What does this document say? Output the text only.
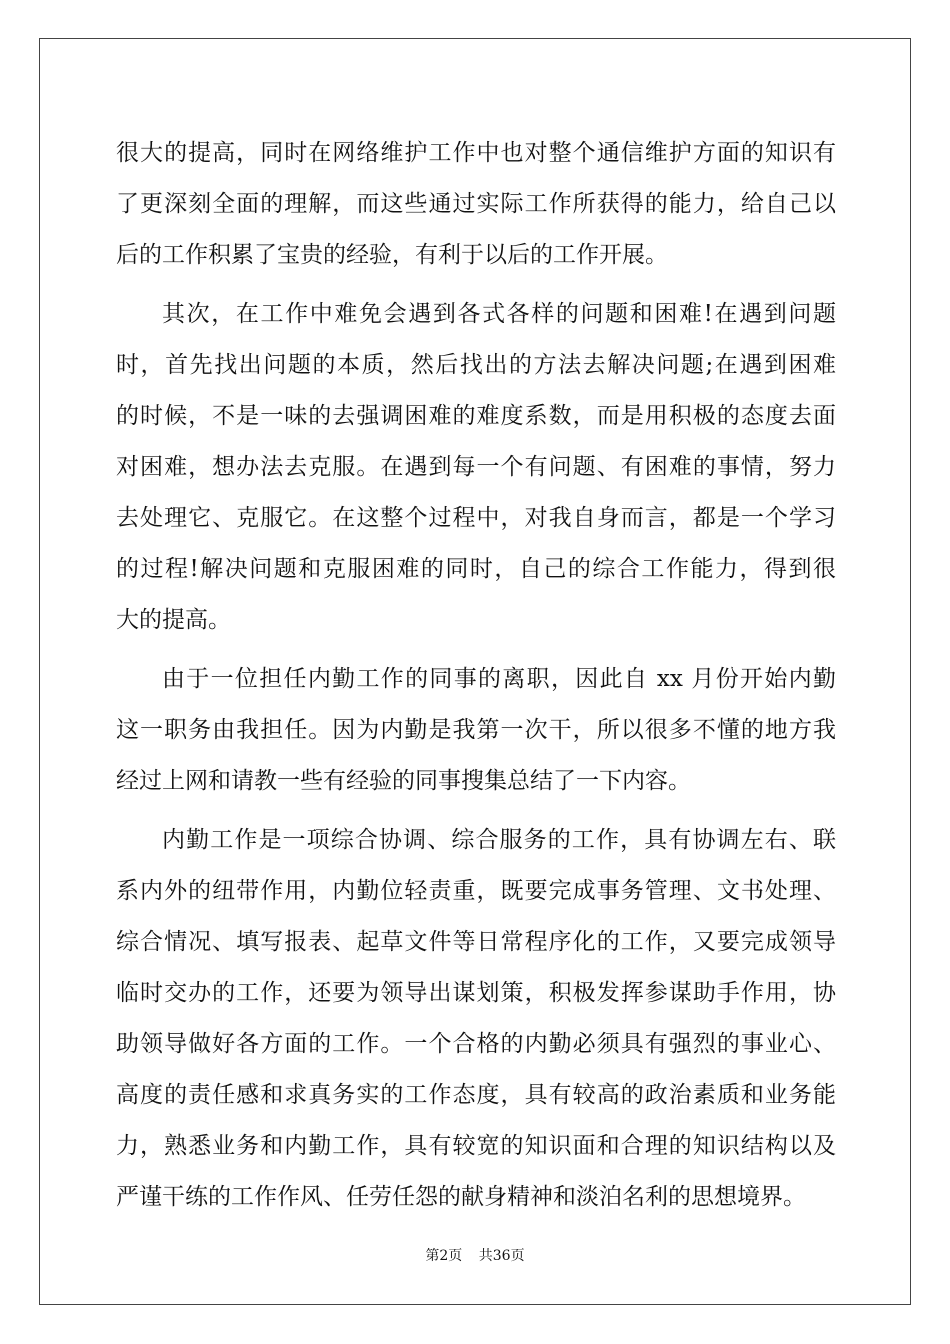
很大的提高，同时在网络维护工作中也对整个通信维护方面的知识有
了更深刻全面的理解，而这些通过实际工作所获得的能力，给自己以
后的工作积累了宝贵的经验，有利于以后的工作开展。
其次，在工作中难免会遇到各式各样的问题和困难!在遇到问题
时，首先找出问题的本质，然后找出的方法去解决问题;在遇到困难
的时候，不是一味的去强调困难的难度系数，而是用积极的态度去面
对困难，想办法去克服。在遇到每一个有问题、有困难的事情，努力
去处理它、克服它。在这整个过程中，对我自身而言，都是一个学习
的过程!解决问题和克服困难的同时，自己的综合工作能力，得到很
大的提高。
由于一位担任内勤工作的同事的离职，因此自 xx 月份开始内勤
这一职务由我担任。因为内勤是我第一次干，所以很多不懂的地方我
经过上网和请教一些有经验的同事搜集总结了一下内容。
内勤工作是一项综合协调、综合服务的工作，具有协调左右、联
系内外的纽带作用，内勤位轻责重，既要完成事务管理、文书处理、
综合情况、填写报表、起草文件等日常程序化的工作，又要完成领导
临时交办的工作，还要为领导出谋划策，积极发挥参谋助手作用，协
助领导做好各方面的工作。一个合格的内勤必须具有强烈的事业心、
高度的责任感和求真务实的工作态度，具有较高的政治素质和业务能
力，熟悉业务和内勤工作，具有较宽的知识面和合理的知识结构以及
严谨干练的工作作风、任劳任怨的献身精神和淡泊名利的思想境界。
第2页 共36页
